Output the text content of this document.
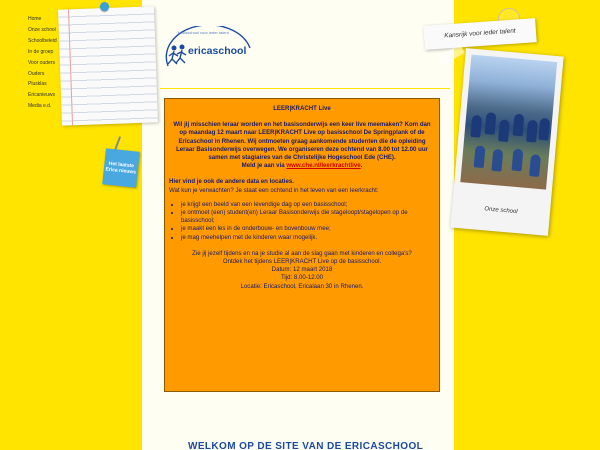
Home
Onze school
Schoolbeleid
In de groep
Voor ouders
Ouders
Plusklas
Ericanieuws
Media e.d.
Het laatste Erica nieuws
basisschool voor ieder talent
ericaschool
LEER|KRACHT Live
Wil jij misschien leraar worden en het basisonderwijs een keer live meemaken? Kom dan op maandag 12 maart naar LEER|KRACHT Live op basisschool De Springplank of de Ericaschool in Rhenen. Wij ontmoeten graag aankomende studenten die de opleiding Leraar Basisonderwijs overwegen. We organiseren deze ochtend van 8.00 tot 12.00 uur samen met stagiaires van de Christelijke Hogeschool Ede (CHE).
Meld je aan via www.che.nl/leerkrachtlive.
Hier vind je ook de andere data en locaties.
Wat kun je verwachten? Je staat een ochtend in het leven van een leerkracht:
• je krijgt een beeld van een levendige dag op een basisschool;
• je ontmoet (een) student(en) Leraar Basisonderwijs die stageloopt/stagelopen op de basisschool;
• je maakt een les in de onderbouw- en bovenbouw mee;
• je mag meehelpen met de kinderen waar mogelijk.
Zie jij jezelf tijdens en na je studie al aan de slag gaan met kinderen en collega's?
Ontdek het tijdens LEER|KRACHT Live op de basisschool.
Datum: 12 maart 2018
Tijd: 8.00-12.00
Locatie: Ericaschool, Ericalaan 30 in Rhenen.
WELKOM OP DE SITE VAN DE ERICASCHOOL
Kansrijk voor ieder talent
Onze school
